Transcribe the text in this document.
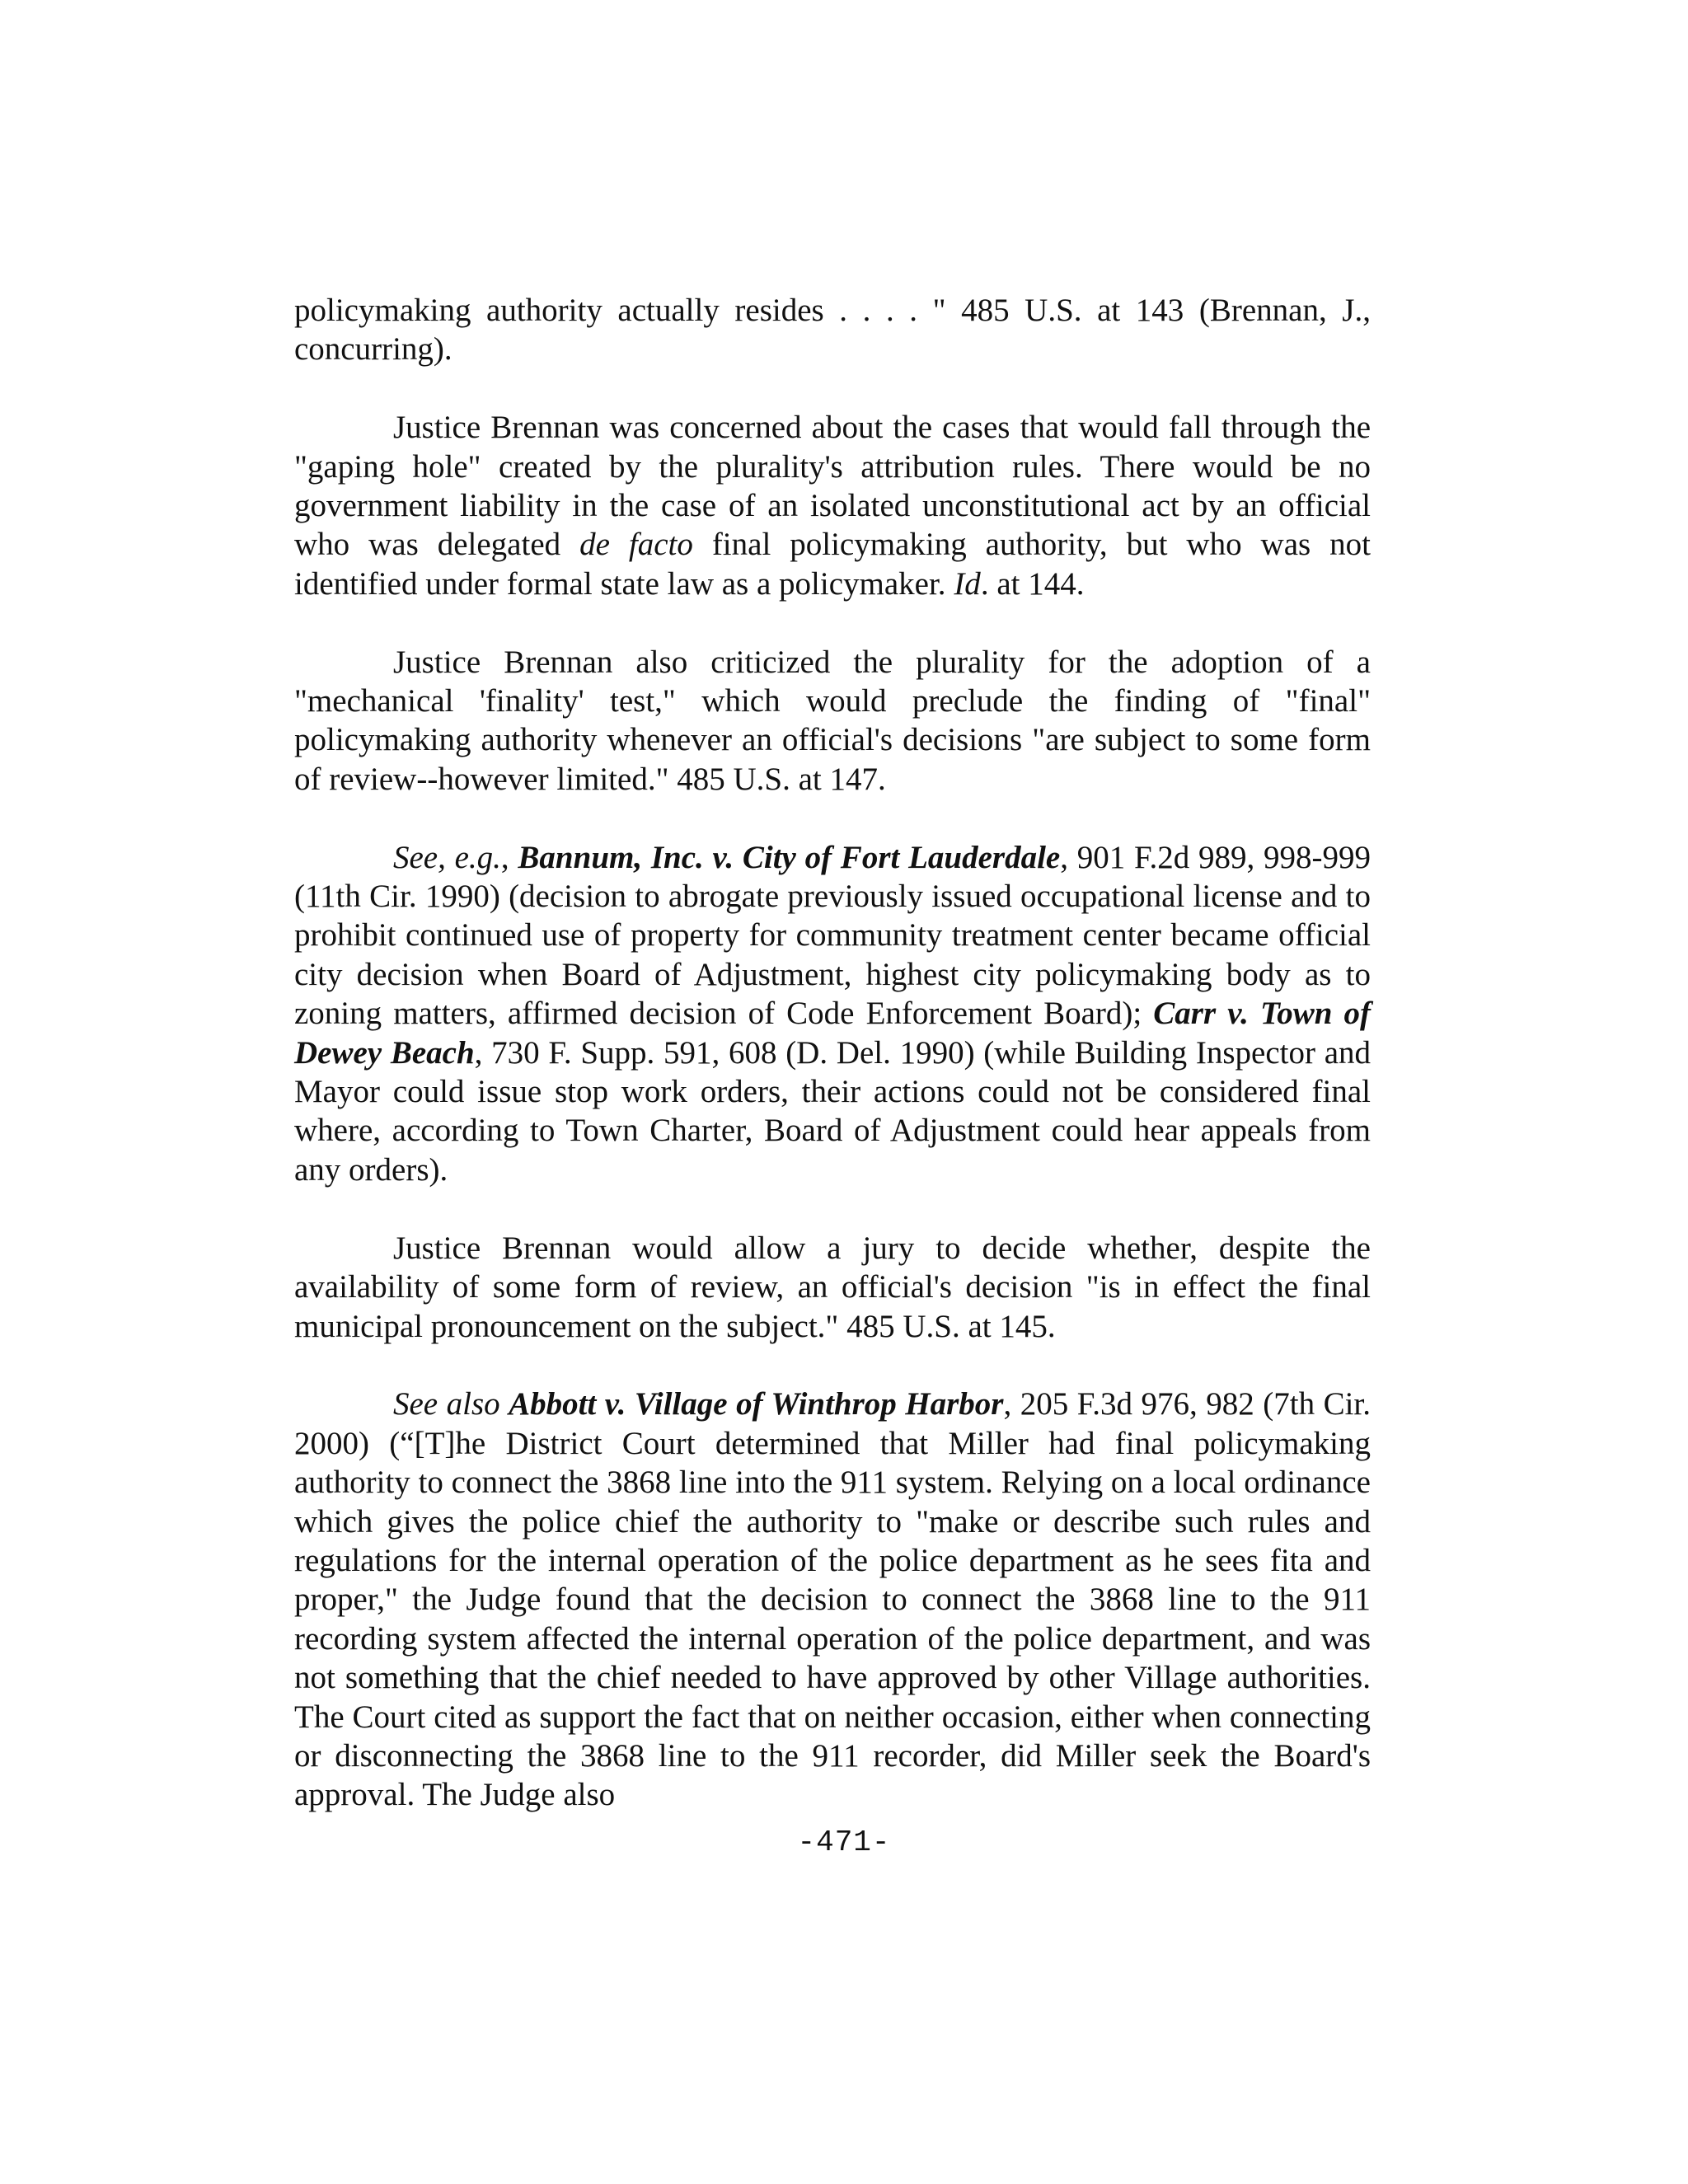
policymaking authority actually resides . . . . " 485 U.S. at 143 (Brennan, J., concurring).

Justice Brennan was concerned about the cases that would fall through the "gaping hole" created by the plurality's attribution rules. There would be no government liability in the case of an isolated unconstitutional act by an official who was delegated de facto final policymaking authority, but who was not identified under formal state law as a policymaker. Id. at 144.

Justice Brennan also criticized the plurality for the adoption of a "mechanical 'finality' test," which would preclude the finding of "final" policymaking authority whenever an official's decisions "are subject to some form of review--however limited." 485 U.S. at 147.

See, e.g., Bannum, Inc. v. City of Fort Lauderdale, 901 F.2d 989, 998-999 (11th Cir. 1990) (decision to abrogate previously issued occupational license and to prohibit continued use of property for community treatment center became official city decision when Board of Adjustment, highest city policymaking body as to zoning matters, affirmed decision of Code Enforcement Board); Carr v. Town of Dewey Beach, 730 F. Supp. 591, 608 (D. Del. 1990) (while Building Inspector and Mayor could issue stop work orders, their actions could not be considered final where, according to Town Charter, Board of Adjustment could hear appeals from any orders).

Justice Brennan would allow a jury to decide whether, despite the availability of some form of review, an official's decision "is in effect the final municipal pronouncement on the subject." 485 U.S. at 145.

See also Abbott v. Village of Winthrop Harbor, 205 F.3d 976, 982 (7th Cir. 2000) (“[T]he District Court determined that Miller had final policymaking authority to connect the 3868 line into the 911 system. Relying on a local ordinance which gives the police chief the authority to "make or describe such rules and regulations for the internal operation of the police department as he sees fita and proper," the Judge found that the decision to connect the 3868 line to the 911 recording system affected the internal operation of the police department, and was not something that the chief needed to have approved by other Village authorities. The Court cited as support the fact that on neither occasion, either when connecting or disconnecting the 3868 line to the 911 recorder, did Miller seek the Board's approval. The Judge also

-471-
